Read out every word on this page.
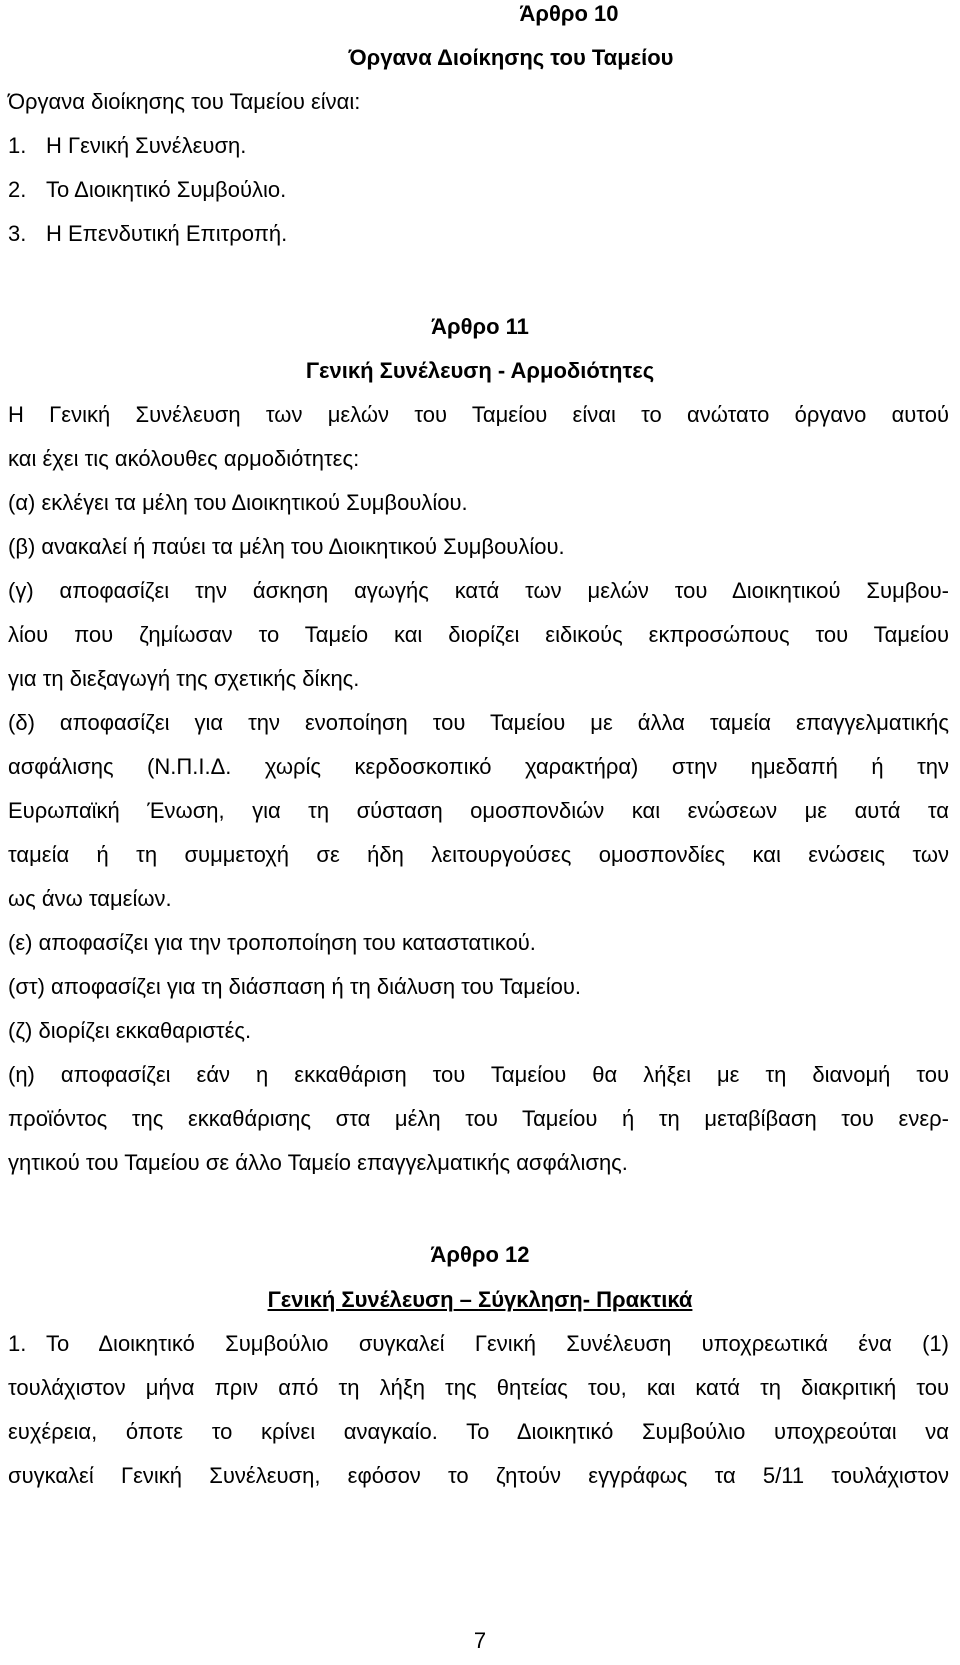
Άρθρο 10
Όργανα Διοίκησης του Ταμείου
Όργανα διοίκησης του Ταμείου είναι:
1. Η Γενική Συνέλευση.
2. Το Διοικητικό Συμβούλιο.
3. Η Επενδυτική Επιτροπή.
Άρθρο 11
Γενική Συνέλευση - Αρμοδιότητες
Η Γενική Συνέλευση των μελών του Ταμείου είναι το ανώτατο όργανο αυτού
και έχει τις ακόλουθες αρμοδιότητες:
(α) εκλέγει τα μέλη του Διοικητικού Συμβουλίου.
(β) ανακαλεί ή παύει τα μέλη του Διοικητικού Συμβουλίου.
(γ) αποφασίζει την άσκηση αγωγής κατά των μελών του Διοικητικού Συμβου-
λίου που ζημίωσαν το Ταμείο και διορίζει ειδικούς εκπροσώπους του Ταμείου
για τη διεξαγωγή της σχετικής δίκης.
(δ) αποφασίζει για την ενοποίηση του Ταμείου με άλλα ταμεία επαγγελματικής
ασφάλισης (Ν.Π.Ι.Δ. χωρίς κερδοσκοπικό χαρακτήρα) στην ημεδαπή ή την
Ευρωπαϊκή Ένωση, για τη σύσταση ομοσπονδιών και ενώσεων με αυτά τα
ταμεία ή τη συμμετοχή σε ήδη λειτουργούσες ομοσπονδίες και ενώσεις των
ως άνω ταμείων.
(ε) αποφασίζει για την τροποποίηση του καταστατικού.
(στ) αποφασίζει για τη διάσπαση ή τη διάλυση του Ταμείου.
(ζ) διορίζει εκκαθαριστές.
(η) αποφασίζει εάν η εκκαθάριση του Ταμείου θα λήξει με τη διανομή του
προϊόντος της εκκαθάρισης στα μέλη του Ταμείου ή τη μεταβίβαση του ενερ-
γητικού του Ταμείου σε άλλο Ταμείο επαγγελματικής ασφάλισης.
Άρθρο 12
Γενική Συνέλευση – Σύγκληση- Πρακτικά
1. Το Διοικητικό Συμβούλιο συγκαλεί Γενική Συνέλευση υποχρεωτικά ένα (1)
τουλάχιστον μήνα πριν από τη λήξη της θητείας του, και κατά τη διακριτική του
ευχέρεια, όποτε το κρίνει αναγκαίο. Το Διοικητικό Συμβούλιο υποχρεούται να
συγκαλεί Γενική Συνέλευση, εφόσον το ζητούν εγγράφως τα 5/11 τουλάχιστον
7
